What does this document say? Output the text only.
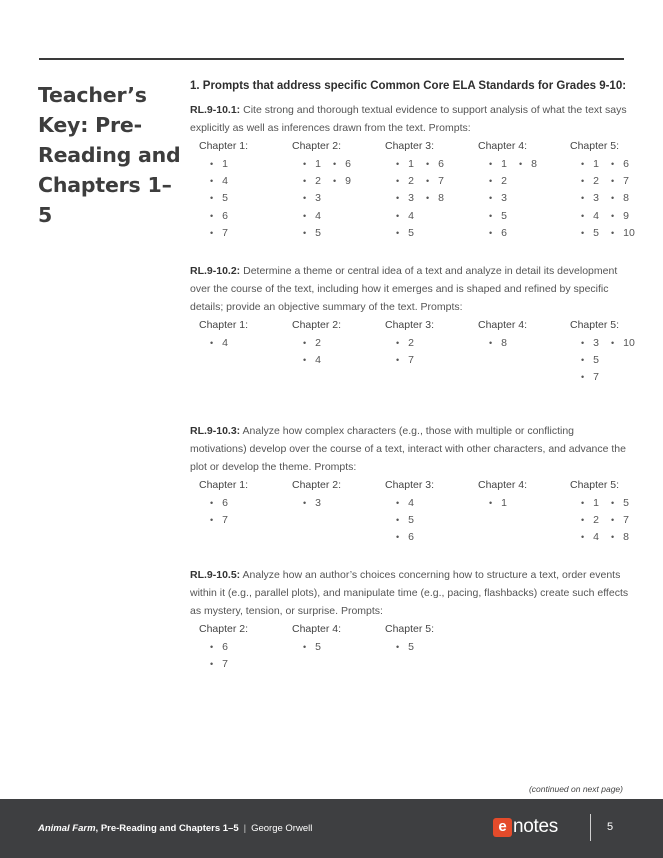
Teacher’s Key: Pre-Reading and Chapters 1–5

1. Prompts that address specific Common Core ELA Standards for Grades 9-10:

RL.9-10.1: Cite strong and thorough textual evidence to support analysis of what the text says explicitly as well as inferences drawn from the text. Prompts:

Chapter 1:
• 1
• 4
• 5
• 6
• 7
Chapter 2:
• 1
• 2
• 3
• 4
• 5
• 6
• 9
Chapter 3:
• 1
• 2
• 3
• 4
• 5
• 6
• 7
• 8
Chapter 4:
• 1
• 2
• 3
• 5
• 6
• 8
Chapter 5:
• 1
• 2
• 3
• 4
• 5
• 6
• 7
• 8
• 9
• 10

RL.9-10.2: Determine a theme or central idea of a text and analyze in detail its development over the course of the text, including how it emerges and is shaped and refined by specific details; provide an objective summary of the text. Prompts:

Chapter 1:
• 4
Chapter 2:
• 2
• 4
Chapter 3:
• 2
• 7
Chapter 4:
• 8
Chapter 5:
• 3
• 5
• 7
• 10

RL.9-10.3: Analyze how complex characters (e.g., those with multiple or conflicting motivations) develop over the course of a text, interact with other characters, and advance the plot or develop the theme. Prompts:

Chapter 1:
• 6
• 7
Chapter 2:
• 3
Chapter 3:
• 4
• 5
• 6
Chapter 4:
• 1
Chapter 5:
• 1
• 2
• 4
• 5
• 7
• 8

RL.9-10.5: Analyze how an author’s choices concerning how to structure a text, order events within it (e.g., parallel plots), and manipulate time (e.g., pacing, flashbacks) create such effects as mystery, tension, or surprise. Prompts:

Chapter 2:
• 6
• 7
Chapter 4:
• 5
Chapter 5:
• 5
(continued on next page)
Animal Farm, Pre-Reading and Chapters 1–5 | George Orwell	e notes	5
